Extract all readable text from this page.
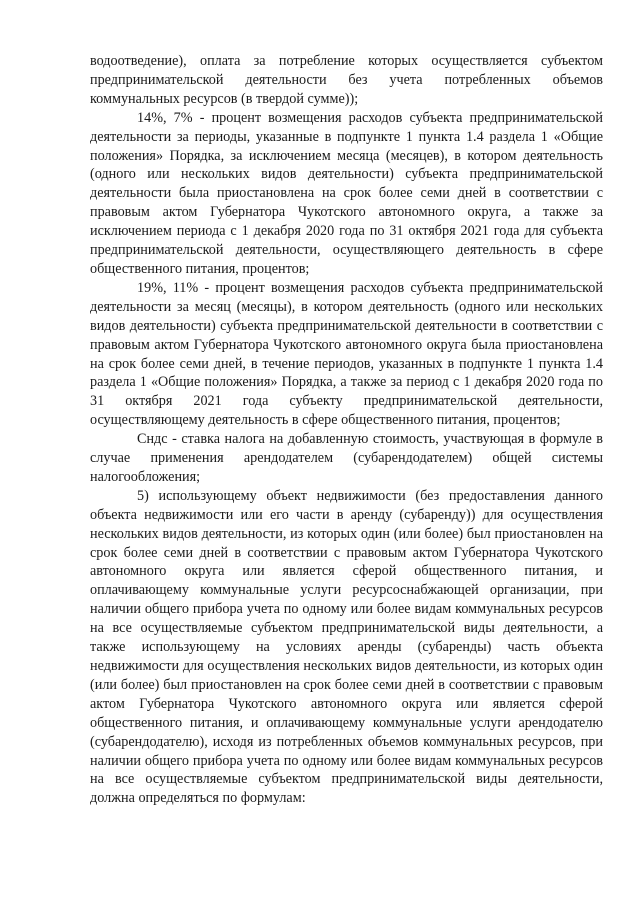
водоотведение), оплата за потребление которых осуществляется субъектом предпринимательской деятельности без учета потребленных объемов коммунальных ресурсов (в твердой сумме));

14%, 7% - процент возмещения расходов субъекта предпринимательской деятельности за периоды, указанные в подпункте 1 пункта 1.4 раздела 1 «Общие положения» Порядка, за исключением месяца (месяцев), в котором деятельность (одного или нескольких видов деятельности) субъекта предпринимательской деятельности была приостановлена на срок более семи дней в соответствии с правовым актом Губернатора Чукотского автономного округа, а также за исключением периода с 1 декабря 2020 года по 31 октября 2021 года для субъекта предпринимательской деятельности, осуществляющего деятельность в сфере общественного питания, процентов;

19%, 11% - процент возмещения расходов субъекта предпринимательской деятельности за месяц (месяцы), в котором деятельность (одного или нескольких видов деятельности) субъекта предпринимательской деятельности в соответствии с правовым актом Губернатора Чукотского автономного округа была приостановлена на срок более семи дней, в течение периодов, указанных в подпункте 1 пункта 1.4 раздела 1 «Общие положения» Порядка, а также за период с 1 декабря 2020 года по 31 октября 2021 года субъекту предпринимательской деятельности, осуществляющему деятельность в сфере общественного питания, процентов;

Сндс - ставка налога на добавленную стоимость, участвующая в формуле в случае применения арендодателем (субарендодателем) общей системы налогообложения;

5) использующему объект недвижимости (без предоставления данного объекта недвижимости или его части в аренду (субаренду)) для осуществления нескольких видов деятельности, из которых один (или более) был приостановлен на срок более семи дней в соответствии с правовым актом Губернатора Чукотского автономного округа или является сферой общественного питания, и оплачивающему коммунальные услуги ресурсоснабжающей организации, при наличии общего прибора учета по одному или более видам коммунальных ресурсов на все осуществляемые субъектом предпринимательской виды деятельности, а также использующему на условиях аренды (субаренды) часть объекта недвижимости для осуществления нескольких видов деятельности, из которых один (или более) был приостановлен на срок более семи дней в соответствии с правовым актом Губернатора Чукотского автономного округа или является сферой общественного питания, и оплачивающему коммунальные услуги арендодателю (субарендодателю), исходя из потребленных объемов коммунальных ресурсов, при наличии общего прибора учета по одному или более видам коммунальных ресурсов на все осуществляемые субъектом предпринимательской виды деятельности, должна определяться по формулам:
